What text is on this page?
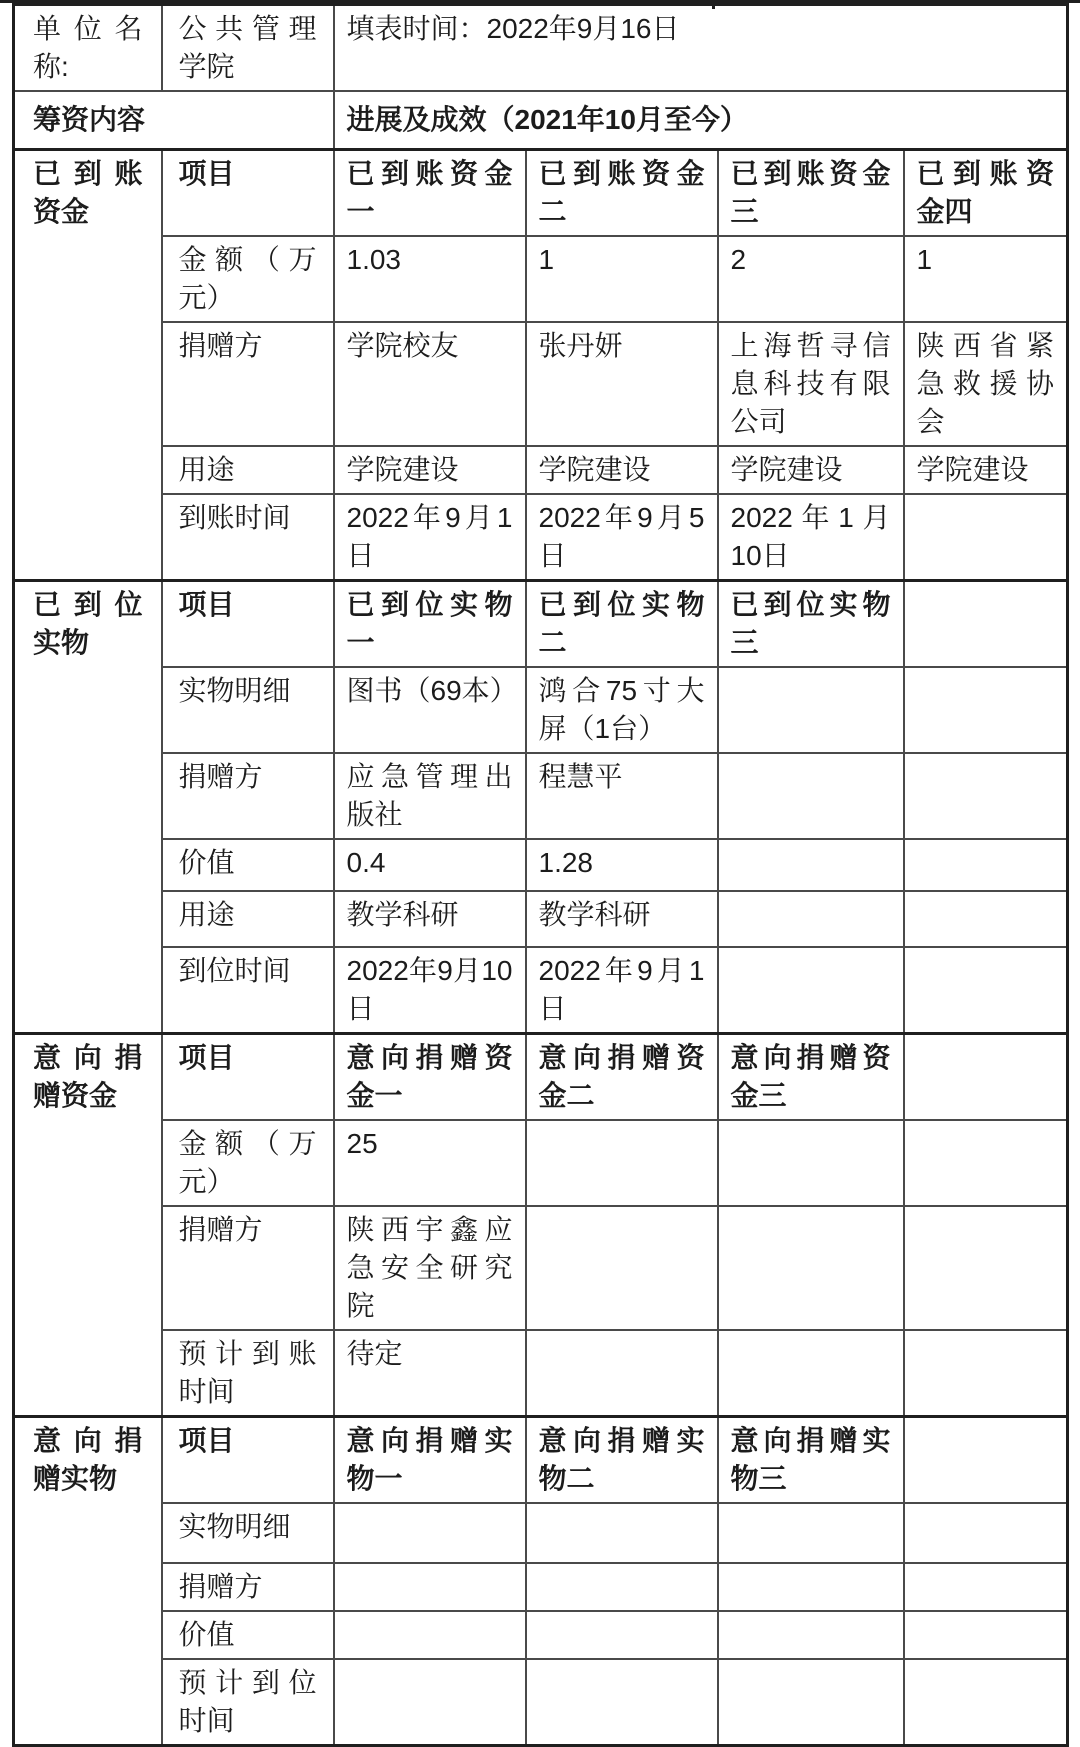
单位名称:	公共管理学院	填表时间：2022年9月16日			
筹资内容		进展及成效（2021年10月至今）			
已到账资金	项目	已到账资金一	已到账资金二	已到账资金三	已到账资金四
	金额（万元）	1.03	1	2	1
	捐赠方	学院校友	张丹妍	上海哲寻信息科技有限公司	陕西省紧急救援协会
	用途	学院建设	学院建设	学院建设	学院建设
	到账时间	2022年9月1日	2022年9月5日	2022年1月10日	
已到位实物	项目	已到位实物一	已到位实物二	已到位实物三	
	实物明细	图书（69本）	鸿合75寸大屏（1台）		
	捐赠方	应急管理出版社	程慧平		
	价值	0.4	1.28		
	用途	教学科研	教学科研		
	到位时间	2022年9月10日	2022年9月1日		
意向捐赠资金	项目	意向捐赠资金一	意向捐赠资金二	意向捐赠资金三	
	金额（万元）	25			
	捐赠方	陕西宇鑫应急安全研究院			
	预计到账时间	待定			
意向捐赠实物	项目	意向捐赠实物一	意向捐赠实物二	意向捐赠实物三	
	实物明细				
	捐赠方				
	价值				
	预计到位时间				
